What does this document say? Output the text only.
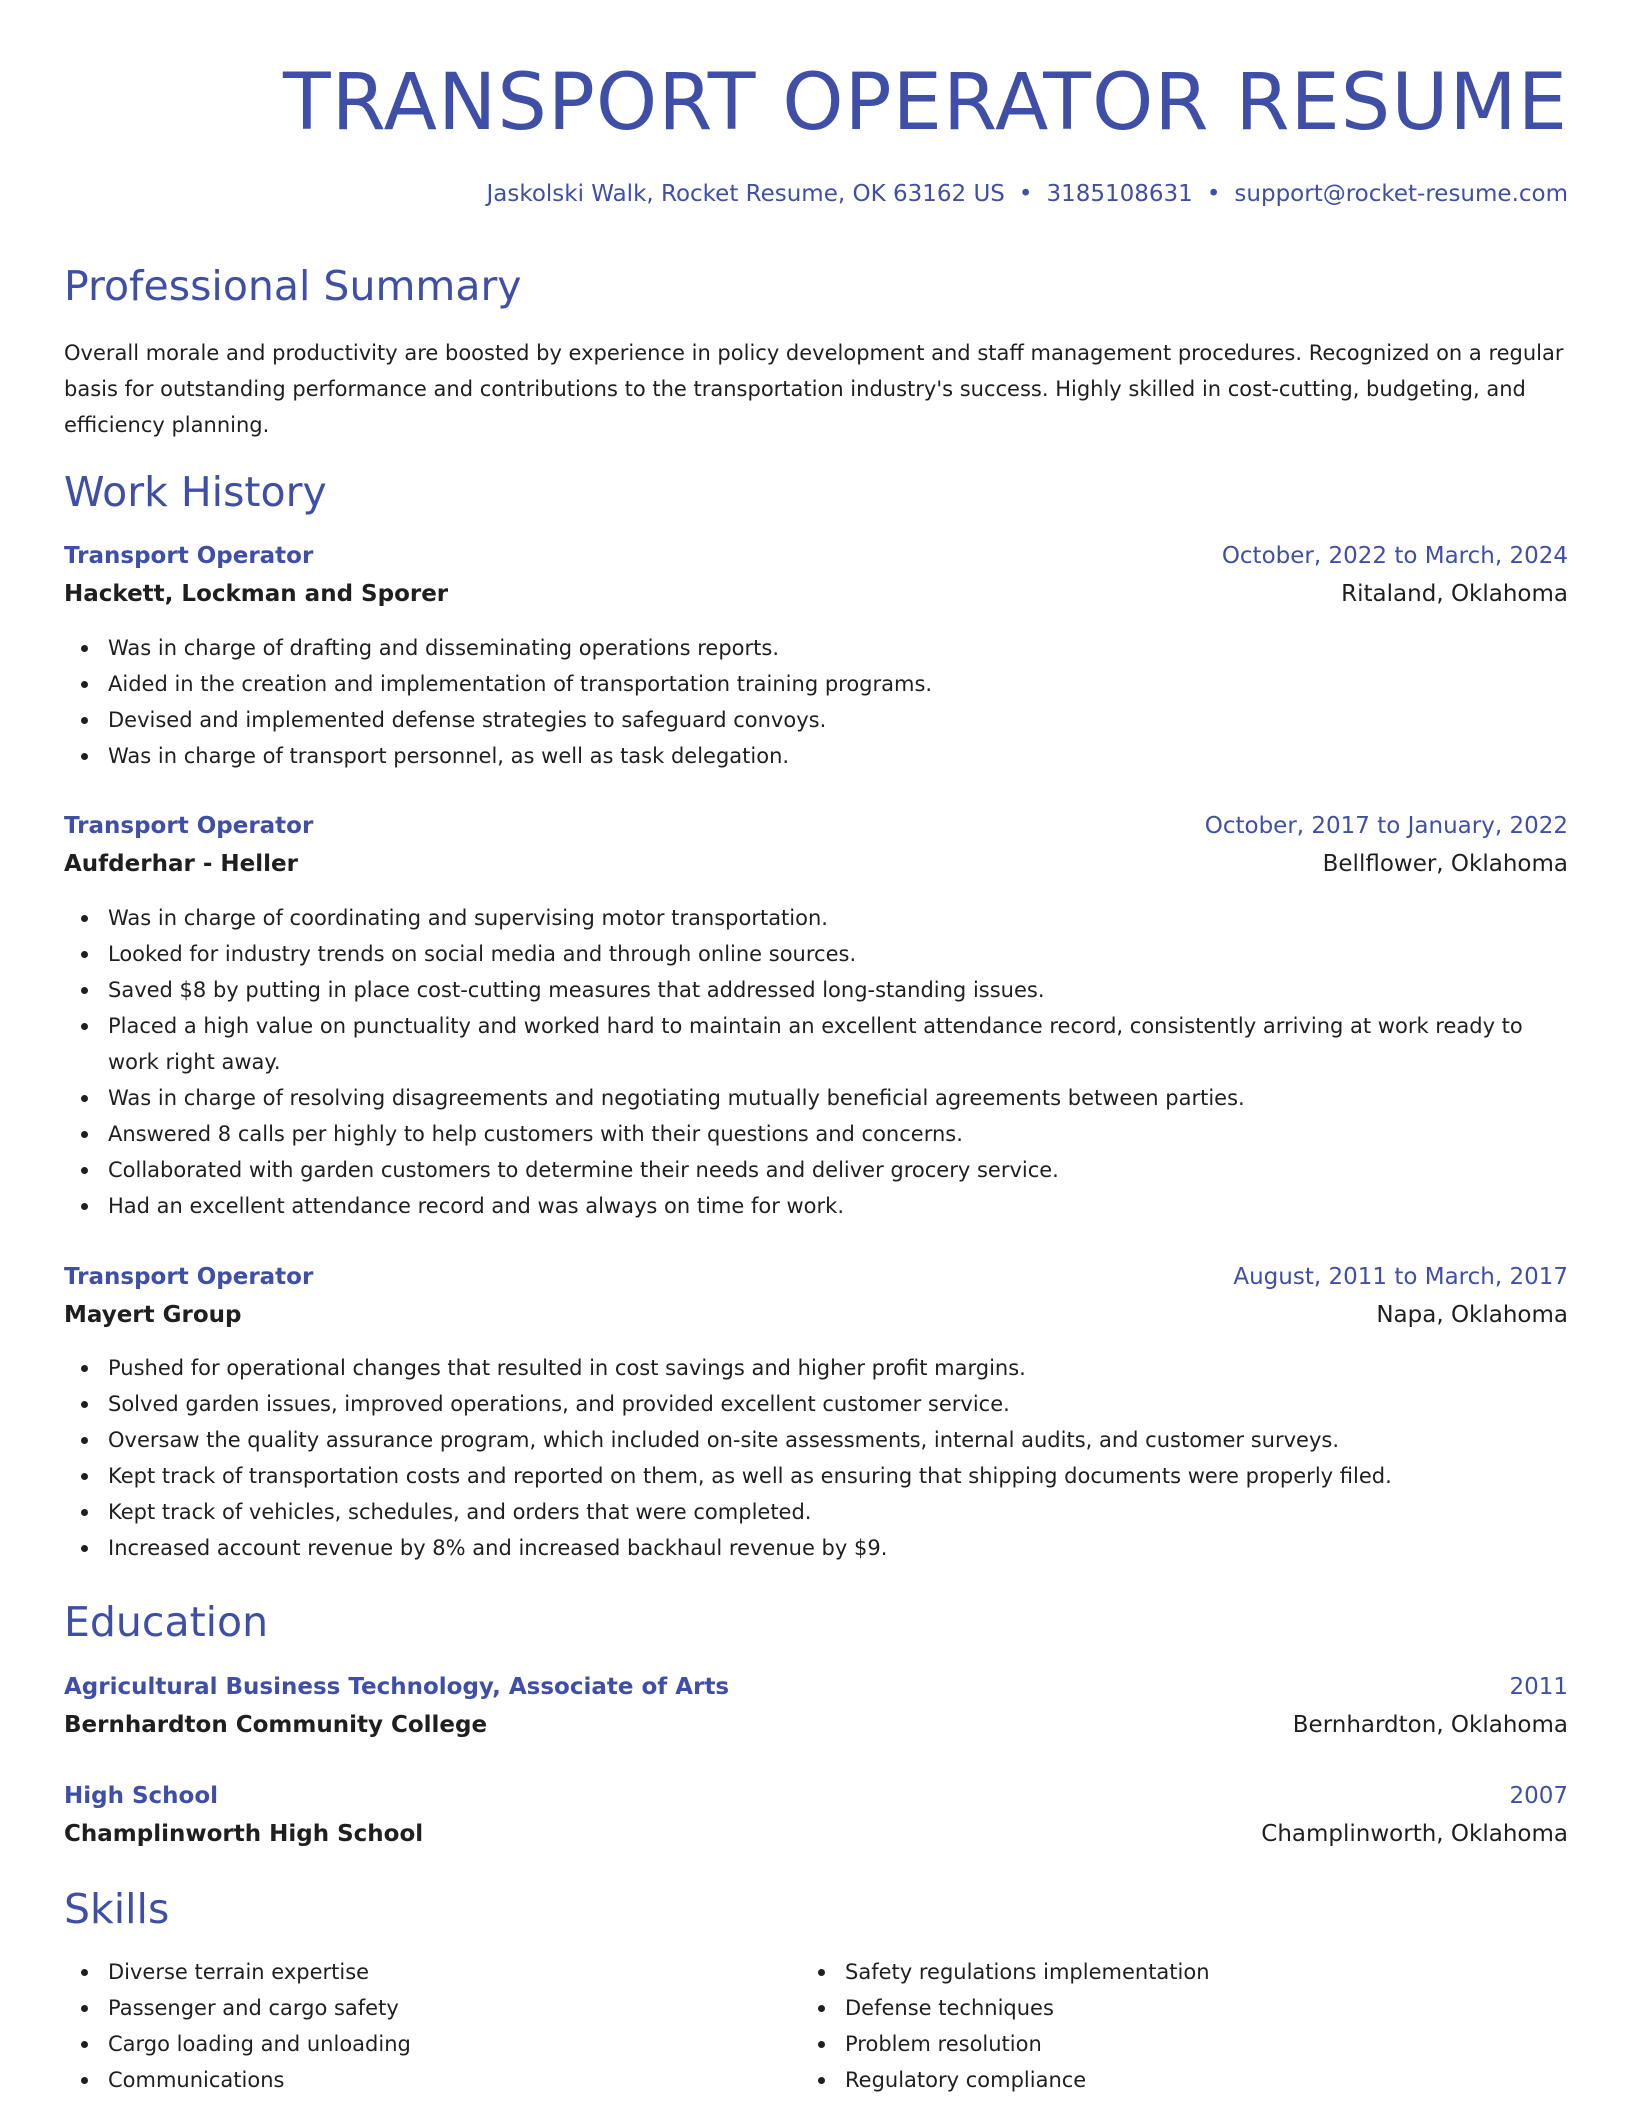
TRANSPORT OPERATOR RESUME
Jaskolski Walk, Rocket Resume, OK 63162 US • 3185108631 • support@rocket-resume.com
Professional Summary

Overall morale and productivity are boosted by experience in policy development and staff management procedures. Recognized on a regular basis for outstanding performance and contributions to the transportation industry's success. Highly skilled in cost-cutting, budgeting, and efficiency planning.

Work History
Transport Operator	October, 2022 to March, 2024
Hackett, Lockman and Sporer	Ritaland, Oklahoma
Was in charge of drafting and disseminating operations reports.
Aided in the creation and implementation of transportation training programs.
Devised and implemented defense strategies to safeguard convoys.
Was in charge of transport personnel, as well as task delegation.
Transport Operator	October, 2017 to January, 2022
Aufderhar - Heller	Bellflower, Oklahoma
Was in charge of coordinating and supervising motor transportation.
Looked for industry trends on social media and through online sources.
Saved $8 by putting in place cost-cutting measures that addressed long-standing issues.
Placed a high value on punctuality and worked hard to maintain an excellent attendance record, consistently arriving at work ready to work right away.
Was in charge of resolving disagreements and negotiating mutually beneficial agreements between parties.
Answered 8 calls per highly to help customers with their questions and concerns.
Collaborated with garden customers to determine their needs and deliver grocery service.
Had an excellent attendance record and was always on time for work.
Transport Operator	August, 2011 to March, 2017
Mayert Group	Napa, Oklahoma
Pushed for operational changes that resulted in cost savings and higher profit margins.
Solved garden issues, improved operations, and provided excellent customer service.
Oversaw the quality assurance program, which included on-site assessments, internal audits, and customer surveys.
Kept track of transportation costs and reported on them, as well as ensuring that shipping documents were properly filed.
Kept track of vehicles, schedules, and orders that were completed.
Increased account revenue by 8% and increased backhaul revenue by $9.
Education
Agricultural Business Technology, Associate of Arts	2011
Bernhardton Community College	Bernhardton, Oklahoma
High School	2007
Champlinworth High School	Champlinworth, Oklahoma
Skills
Diverse terrain expertise
Passenger and cargo safety
Cargo loading and unloading
Communications
Safety regulations implementation
Defense techniques
Problem resolution
Regulatory compliance
